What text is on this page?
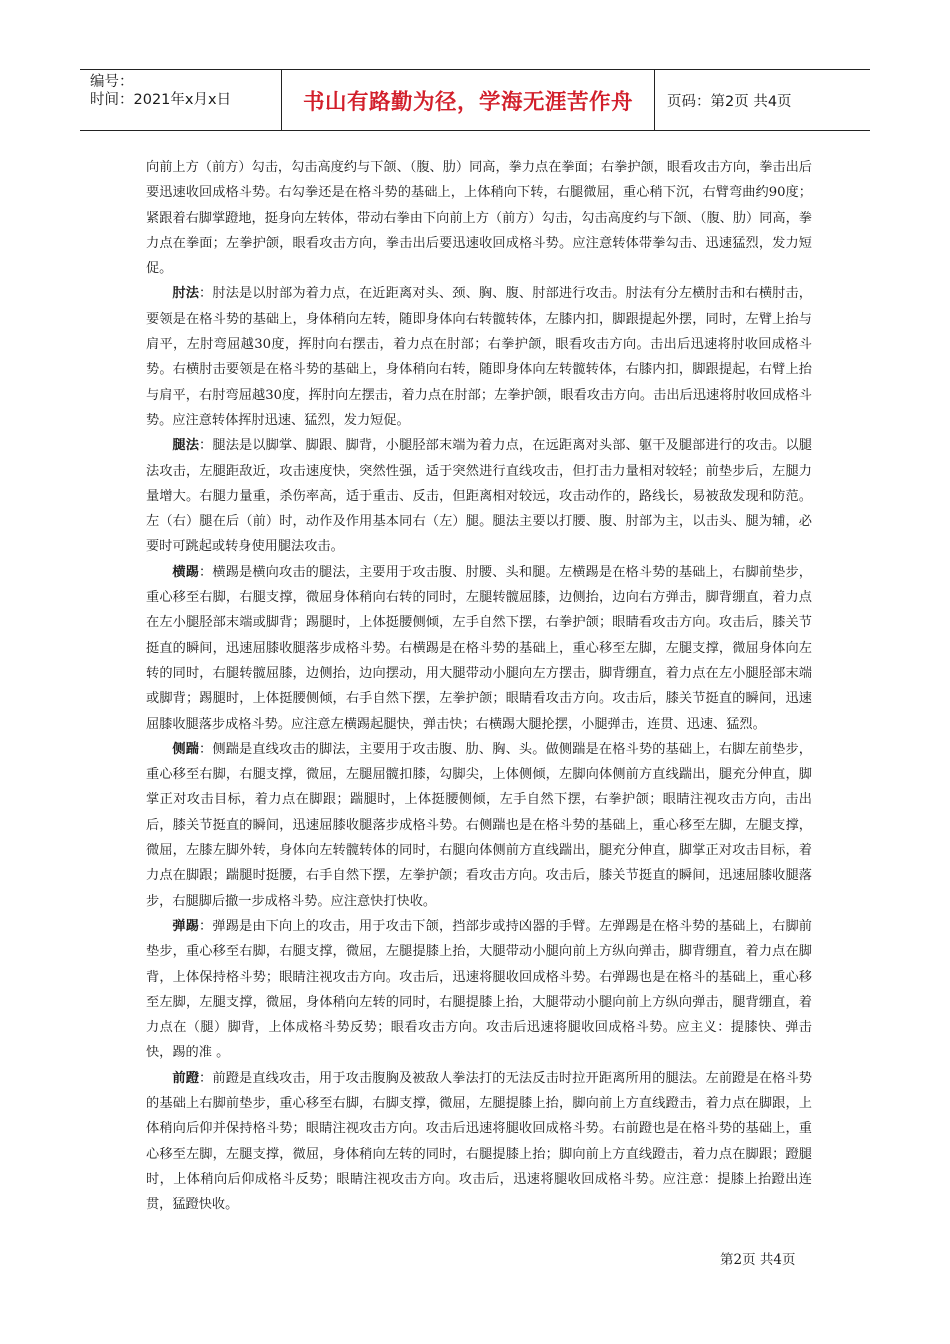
编号：
时间：2021年x月x日	书山有路勤为径，学海无涯苦作舟	页码：第2页 共4页

向前上方（前方）勾击，勾击高度约与下颌、（腹、肋）同高，拳力点在拳面；右拳护颌，眼看攻击方向，拳击出后要迅速收回成格斗势。右勾拳还是在格斗势的基础上，上体稍向下转，右腿微屈，重心稍下沉，右臂弯曲约90度；紧跟着右脚掌蹬地，挺身向左转体，带动右拳由下向前上方（前方）勾击，勾击高度约与下颌、（腹、肋）同高，拳力点在拳面；左拳护颌，眼看攻击方向，拳击出后要迅速收回成格斗势。应注意转体带拳勾击、迅速猛烈，发力短促。

肘法：肘法是以肘部为着力点，在近距离对头、颈、胸、腹、肘部进行攻击。肘法有分左横肘击和右横肘击，要领是在格斗势的基础上，身体稍向左转，随即身体向右转髋转体，左膝内扣，脚跟提起外摆，同时，左臂上抬与肩平，左肘弯屈越30度，挥肘向右摆击，着力点在肘部；右拳护颌，眼看攻击方向。击出后迅速将肘收回成格斗势。右横肘击要领是在格斗势的基础上，身体稍向右转，随即身体向左转髋转体，右膝内扣，脚跟提起，右臂上抬与肩平，右肘弯屈越30度，挥肘向左摆击，着力点在肘部；左拳护颌，眼看攻击方向。击出后迅速将肘收回成格斗势。应注意转体挥肘迅速、猛烈，发力短促。

腿法：腿法是以脚掌、脚跟、脚背，小腿胫部末端为着力点，在远距离对头部、躯干及腿部进行的攻击。以腿法攻击，左腿距敌近，攻击速度快，突然性强，适于突然进行直线攻击，但打击力量相对较轻；前垫步后，左腿力量增大。右腿力量重，杀伤率高，适于重击、反击，但距离相对较远，攻击动作的，路线长，易被敌发现和防范。左（右）腿在后（前）时，动作及作用基本同右（左）腿。腿法主要以打腰、腹、肘部为主，以击头、腿为辅，必要时可跳起或转身使用腿法攻击。

横踢：横踢是横向攻击的腿法，主要用于攻击腹、肘腰、头和腿。左横踢是在格斗势的基础上，右脚前垫步，重心移至右脚，右腿支撑，微屈身体稍向右转的同时，左腿转髋屈膝，边侧抬，边向右方弹击，脚背绷直，着力点在左小腿胫部末端或脚背；踢腿时，上体挺腰侧倾，左手自然下摆，右拳护颌；眼睛看攻击方向。攻击后，膝关节挺直的瞬间，迅速屈膝收腿落步成格斗势。右横踢是在格斗势的基础上，重心移至左脚，左腿支撑，微屈身体向左转的同时，右腿转髋屈膝，边侧抬，边向摆动，用大腿带动小腿向左方摆击，脚背绷直，着力点在左小腿胫部末端或脚背；踢腿时，上体挺腰侧倾，右手自然下摆，左拳护颌；眼睛看攻击方向。攻击后，膝关节挺直的瞬间，迅速屈膝收腿落步成格斗势。应注意左横踢起腿快，弹击快；右横踢大腿抡摆，小腿弹击，连贯、迅速、猛烈。

侧踹：侧踹是直线攻击的脚法，主要用于攻击腹、肋、胸、头。做侧踹是在格斗势的基础上，右脚左前垫步，重心移至右脚，右腿支撑，微屈，左腿屈髋扣膝，勾脚尖，上体侧倾，左脚向体侧前方直线踹出，腿充分伸直，脚掌正对攻击目标，着力点在脚跟；踹腿时，上体挺腰侧倾，左手自然下摆，右拳护颌；眼睛注视攻击方向，击出后，膝关节挺直的瞬间，迅速屈膝收腿落步成格斗势。右侧踹也是在格斗势的基础上，重心移至左脚，左腿支撑，微屈，左膝左脚外转，身体向左转髋转体的同时，右腿向体侧前方直线踹出，腿充分伸直，脚掌正对攻击目标，着力点在脚跟；踹腿时挺腰，右手自然下摆，左拳护颌；看攻击方向。攻击后，膝关节挺直的瞬间，迅速屈膝收腿落步，右腿脚后撤一步成格斗势。应注意快打快收。

弹踢：弹踢是由下向上的攻击，用于攻击下颌，挡部步或持凶器的手臂。左弹踢是在格斗势的基础上，右脚前垫步，重心移至右脚，右腿支撑，微屈，左腿提膝上抬，大腿带动小腿向前上方纵向弹击，脚背绷直，着力点在脚背，上体保持格斗势；眼睛注视攻击方向。攻击后，迅速将腿收回成格斗势。右弹踢也是在格斗的基础上，重心移至左脚，左腿支撑，微屈，身体稍向左转的同时，右腿提膝上抬，大腿带动小腿向前上方纵向弹击，腿背绷直，着力点在（腿）脚背，上体成格斗势反势；眼看攻击方向。攻击后迅速将腿收回成格斗势。应主义：提膝快、弹击快，踢的准 。

前蹬：前蹬是直线攻击，用于攻击腹胸及被敌人拳法打的无法反击时拉开距离所用的腿法。左前蹬是在格斗势的基础上右脚前垫步，重心移至右脚，右脚支撑，微屈，左腿提膝上抬，脚向前上方直线蹬击，着力点在脚跟，上体稍向后仰并保持格斗势；眼睛注视攻击方向。攻击后迅速将腿收回成格斗势。右前蹬也是在格斗势的基础上，重心移至左脚，左腿支撑，微屈，身体稍向左转的同时，右腿提膝上抬；脚向前上方直线蹬击，着力点在脚跟；蹬腿时，上体稍向后仰成格斗反势；眼睛注视攻击方向。攻击后，迅速将腿收回成格斗势。应注意：提膝上抬蹬出连贯，猛蹬快收。

第2页 共4页
